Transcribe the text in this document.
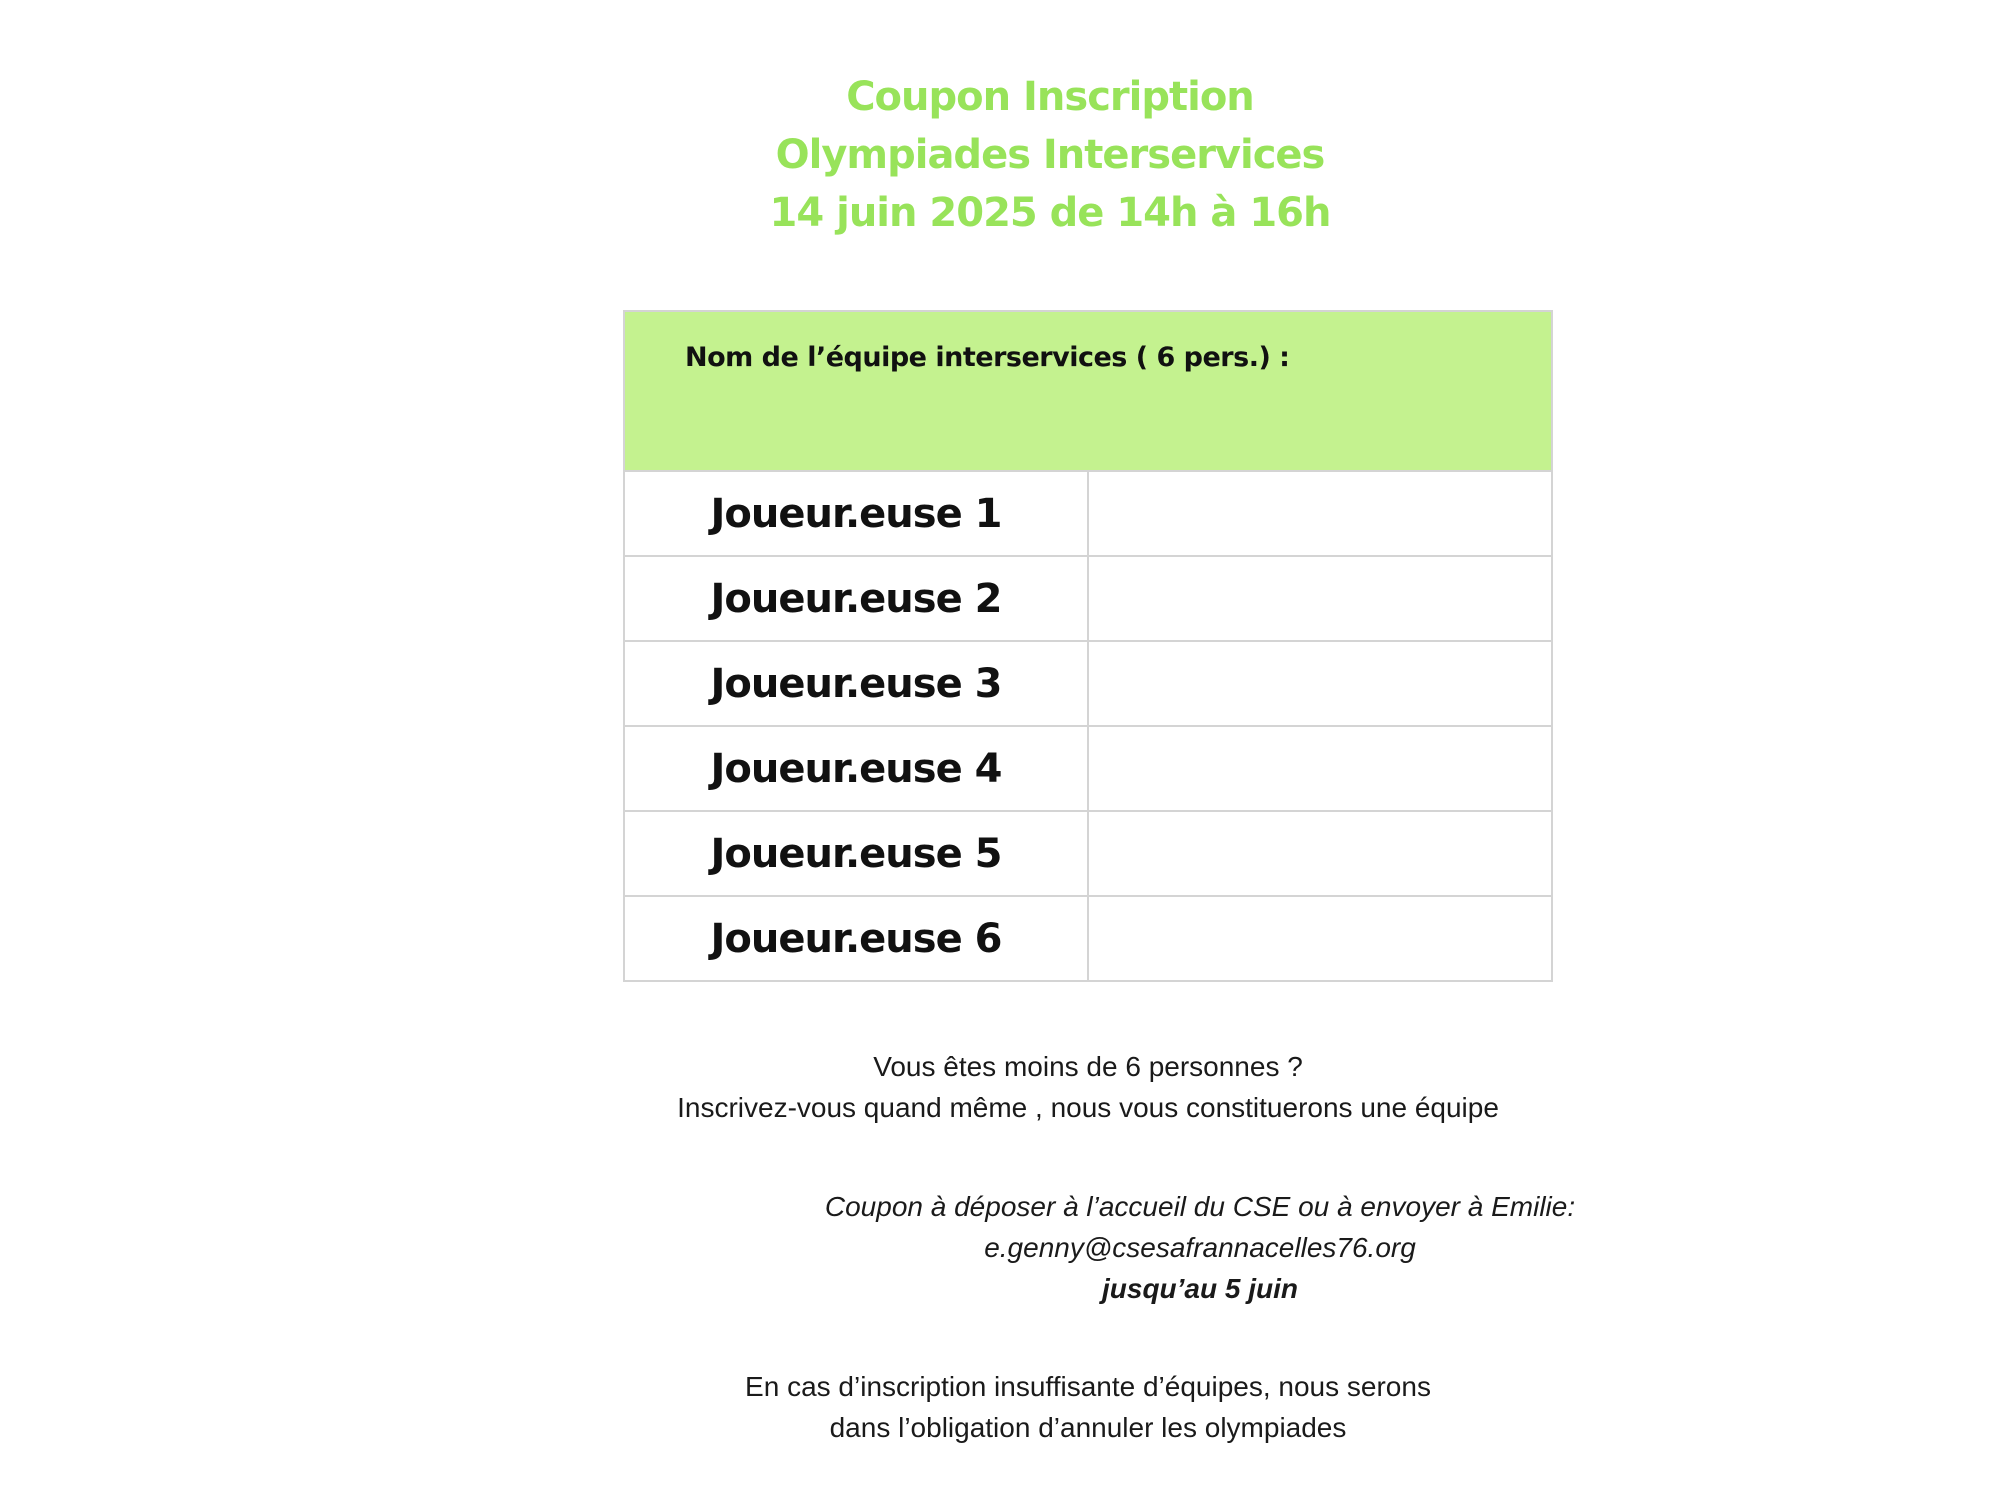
Coupon Inscription
Olympiades Interservices
14 juin 2025 de 14h à 16h
Nom de l’équipe interservices ( 6 pers.) :	

Joueur.euse 1	
Joueur.euse 2	
Joueur.euse 3	
Joueur.euse 4	
Joueur.euse 5	
Joueur.euse 6	
Vous êtes moins de 6 personnes ?
Inscrivez-vous quand même , nous vous constituerons une équipe
Coupon à déposer à l’accueil du CSE ou à envoyer à Emilie:
e.genny@csesafrannacelles76.org
jusqu’au 5 juin
En cas d’inscription insuffisante d’équipes, nous serons
dans l’obligation d’annuler les olympiades
